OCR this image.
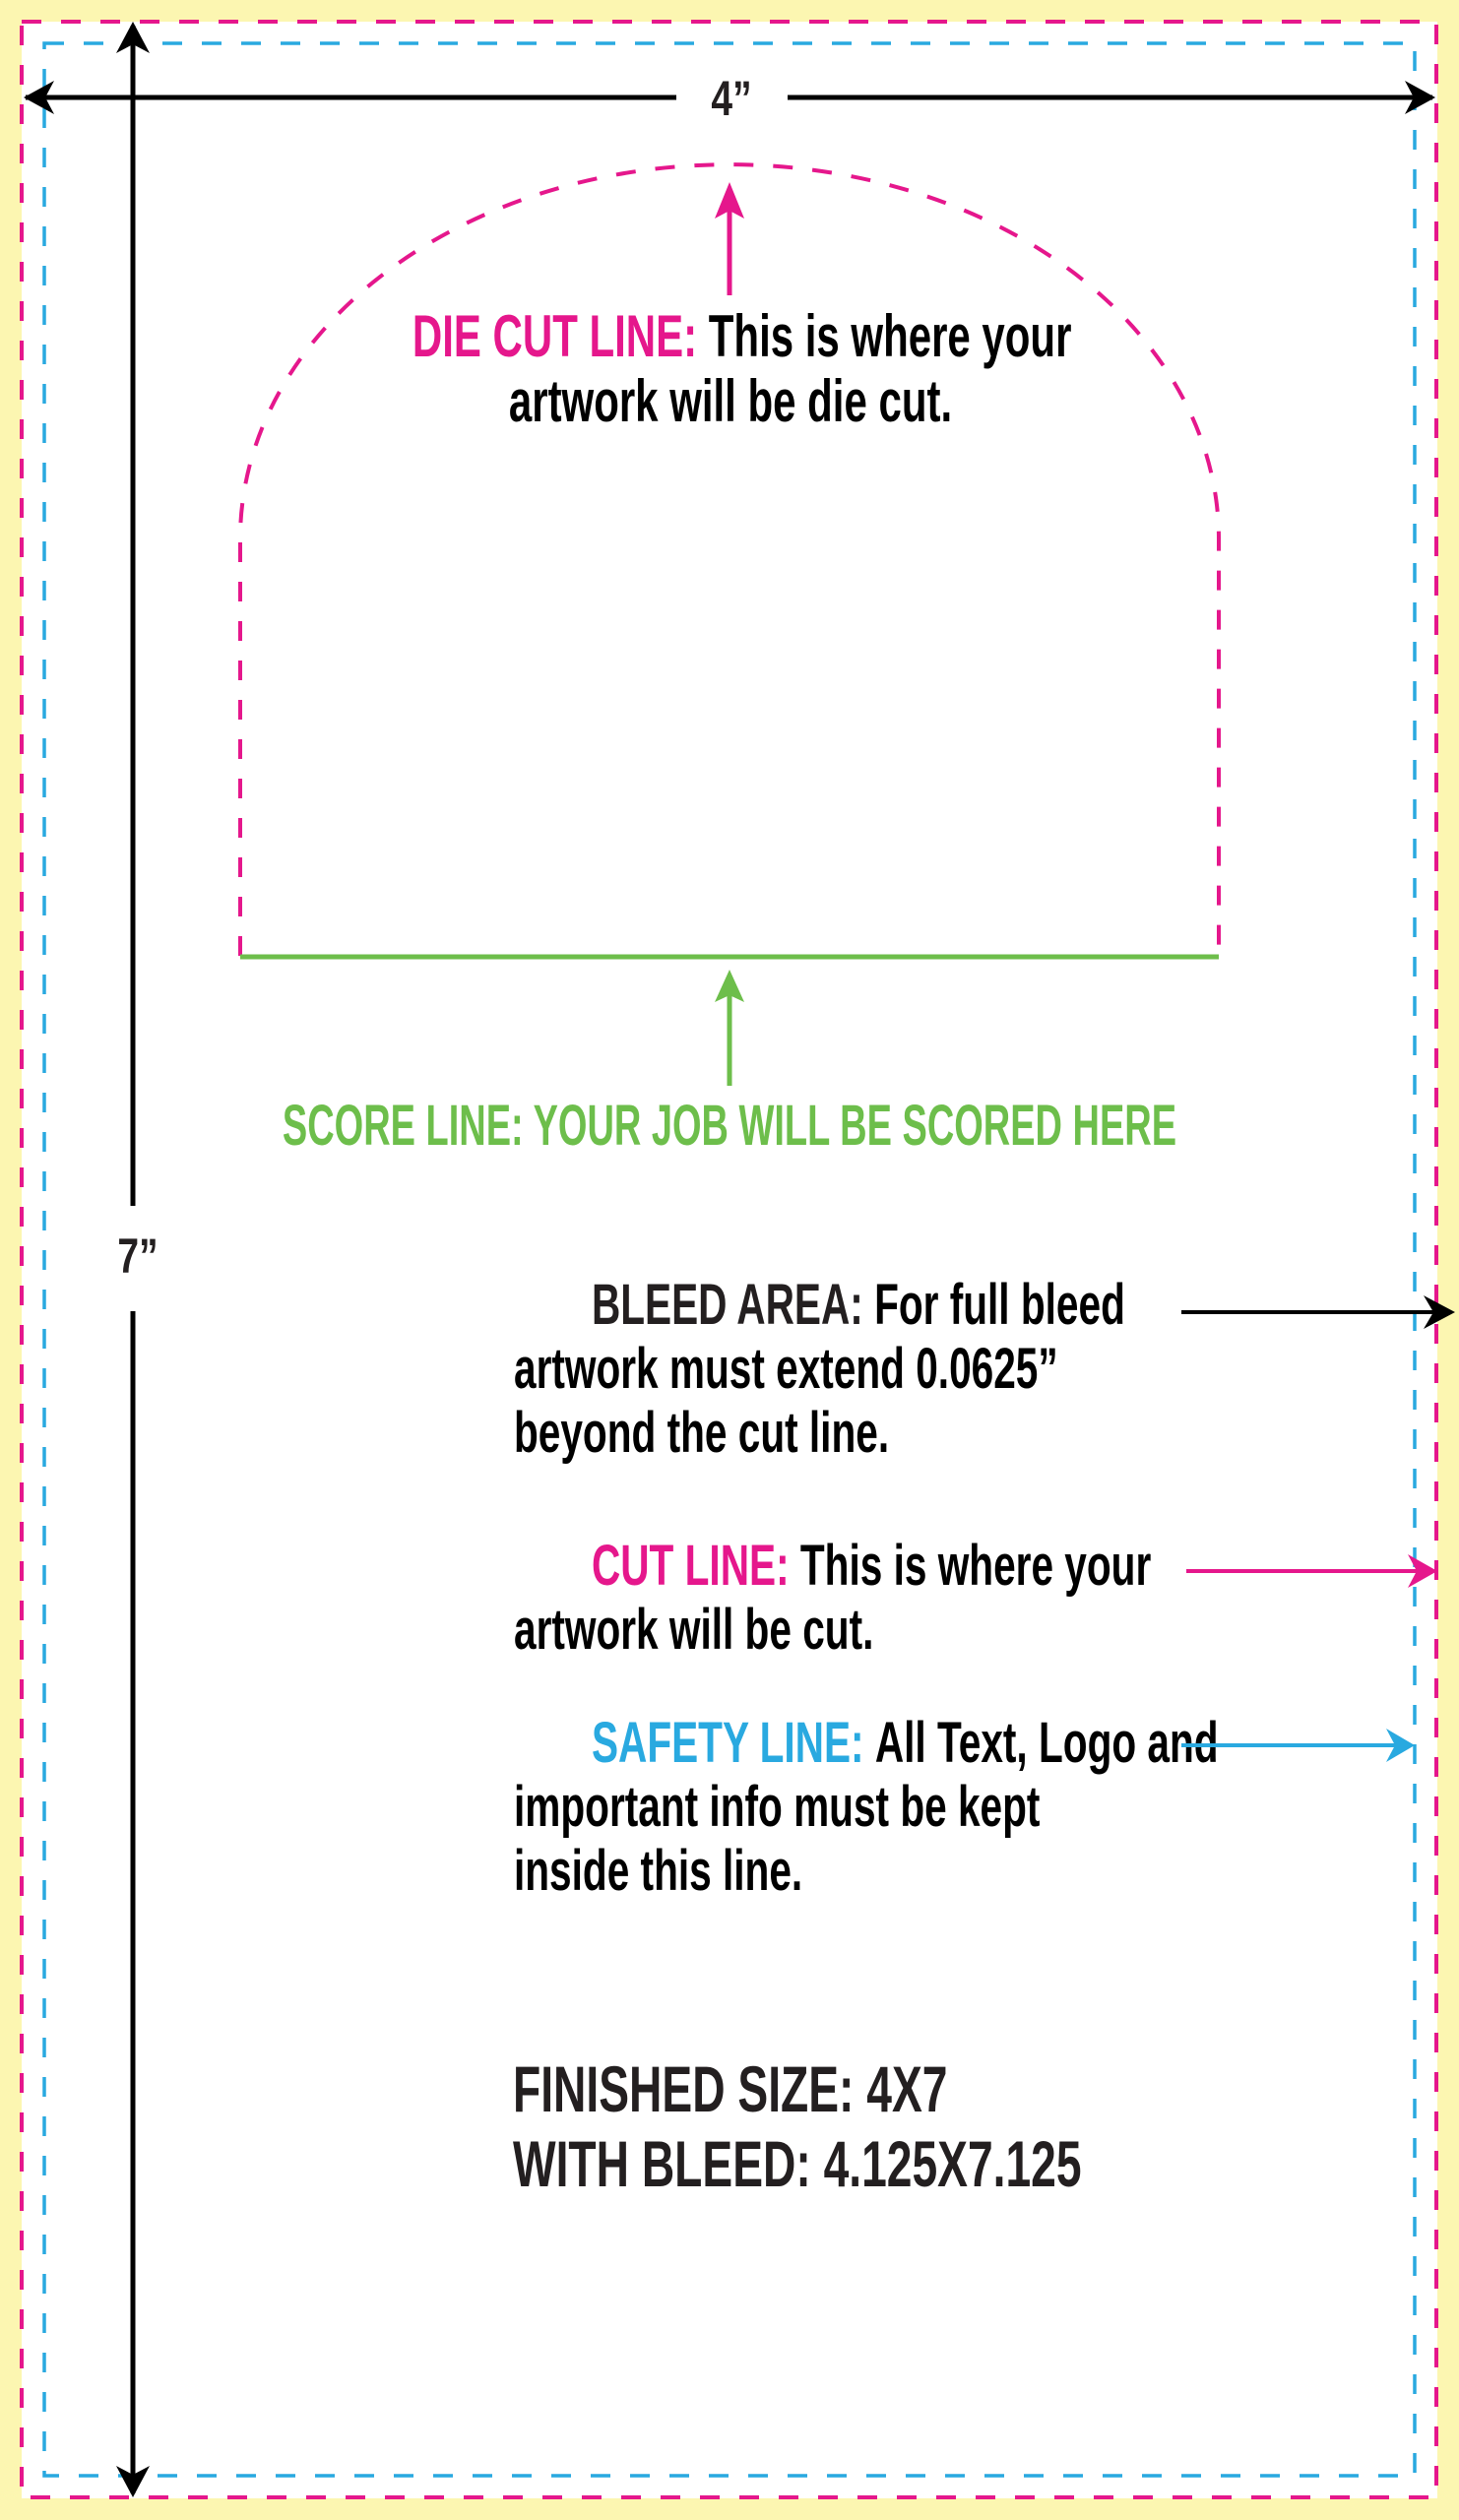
4”
7”
DIE CUT LINE: This is where your
artwork will be die cut.
SCORE LINE: YOUR JOB WILL BE SCORED HERE
BLEED AREA: For full bleed
artwork must extend 0.0625”
beyond the cut line.
CUT LINE: This is where your
artwork will be cut.
SAFETY LINE: All Text, Logo and
important info must be kept
inside this line.
FINISHED SIZE: 4X7
WITH BLEED: 4.125X7.125
